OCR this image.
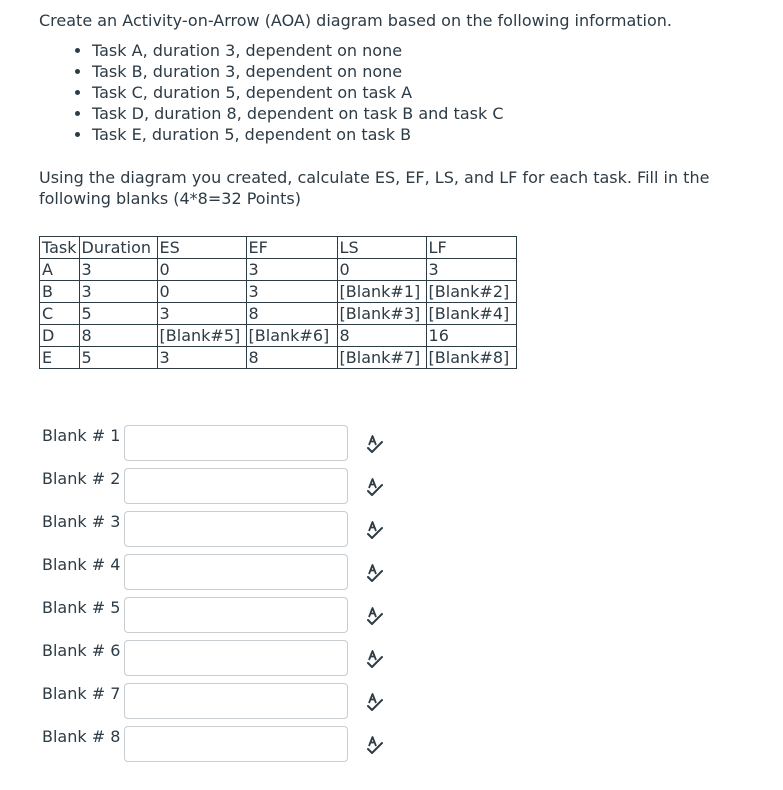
Create an Activity-on-Arrow (AOA) diagram based on the following information.

• Task A, duration 3, dependent on none
• Task B, duration 3, dependent on none
• Task C, duration 5, dependent on task A
• Task D, duration 8, dependent on task B and task C
• Task E, duration 5, dependent on task B

Using the diagram you created, calculate ES, EF, LS, and LF for each task. Fill in the
following blanks (4*8=32 Points)

Task	Duration	ES	EF	LS	LF
A	3	0	3	0	3
B	3	0	3	[Blank#1]	[Blank#2]
C	5	3	8	[Blank#3]	[Blank#4]
D	8	[Blank#5]	[Blank#6]	8	16
E	5	3	8	[Blank#7]	[Blank#8]
Blank # 1
Blank # 2
Blank # 3
Blank # 4
Blank # 5
Blank # 6
Blank # 7
Blank # 8
